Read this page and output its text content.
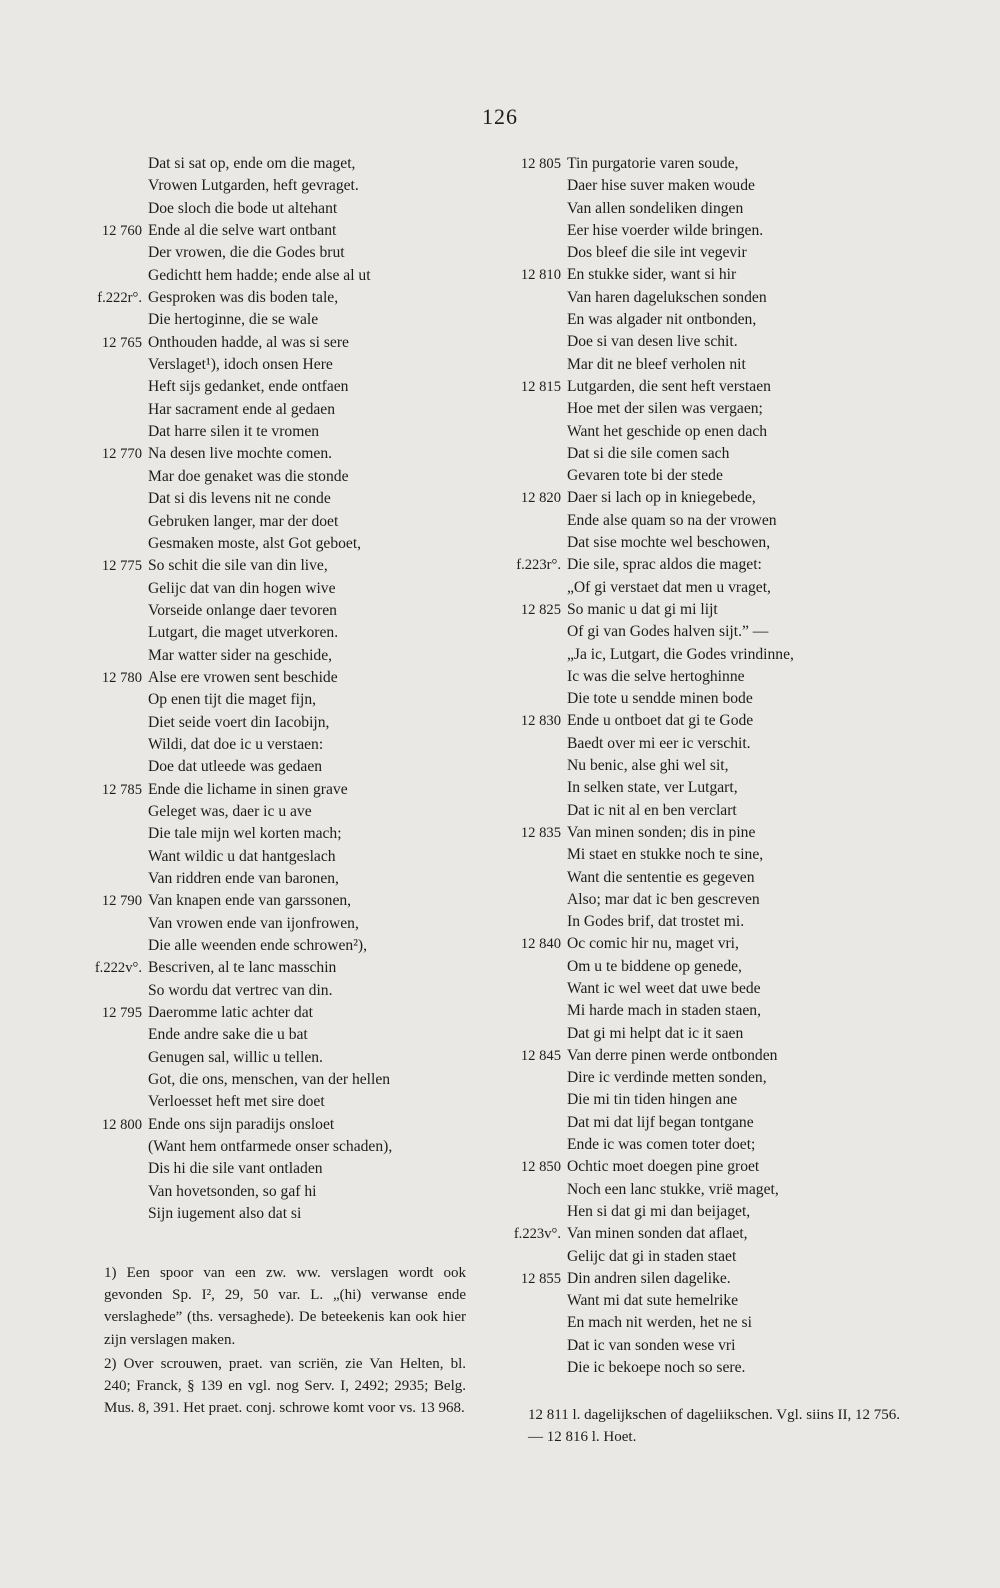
126
Dat si sat op, ende om die maget,
Vrowen Lutgarden, heft gevraget.
Doe sloch die bode ut altehant
12 760 Ende al die selve wart ontbant
Der vrowen, die die Godes brut
Gedichtt hem hadde; ende alse al ut
f.222r°. Gesproken was dis boden tale,
Die hertoginne, die se wale
12 765 Onthouden hadde, al was si sere
Verslaget¹), idoch onsen Here
Heft sijs gedanket, ende ontfaen
Har sacrament ende al gedaen
Dat harre silen it te vromen
12 770 Na desen live mochte comen.
Mar doe genaket was die stonde
Dat si dis levens nit ne conde
Gebruken langer, mar der doet
Gesmaken moste, alst Got geboet,
12 775 So schit die sile van din live,
Gelijc dat van din hogen wive
Vorseide onlange daer tevoren
Lutgart, die maget utverkoren.
Mar watter sider na geschide,
12 780 Alse ere vrowen sent beschide
Op enen tijt die maget fijn,
Diet seide voert din Iacobijn,
Wildi, dat doe ic u verstaen:
Doe dat utleede was gedaen
12 785 Ende die lichame in sinen grave
Geleget was, daer ic u ave
Die tale mijn wel korten mach;
Want wildic u dat hantgeslach
Van riddren ende van baronen,
12 790 Van knapen ende van garssonen,
Van vrowen ende van ijonfrowen,
Die alle weenden ende schrowen²),
f.222v°. Bescriven, al te lanc masschin
So wordu dat vertrec van din.
12 795 Daeromme latic achter dat
Ende andre sake die u bat
Genugen sal, willic u tellen.
Got, die ons, menschen, van der hellen
Verloesset heft met sire doet
12 800 Ende ons sijn paradijs onsloet
(Want hem ontfarmede onser schaden),
Dis hi die sile vant ontladen
Van hovetsonden, so gaf hi
Sijn iugement also dat si
12 805 Tin purgatorie varen soude,
Daer hise suver maken woude
Van allen sondeliken dingen
Eer hise voerder wilde bringen.
Dos bleef die sile int vegevir
12 810 En stukke sider, want si hir
Van haren dagelukschen sonden
En was algader nit ontbonden,
Doe si van desen live schit.
Mar dit ne bleef verholen nit
12 815 Lutgarden, die sent heft verstaen
Hoe met der silen was vergaen;
Want het geschide op enen dach
Dat si die sile comen sach
Gevaren tote bi der stede
12 820 Daer si lach op in kniegebede,
Ende alse quam so na der vrowen
Dat sise mochte wel beschowen,
f.223r°. Die sile, sprac aldos die maget:
„Of gi verstaet dat men u vraget,
12 825 So manic u dat gi mi lijt
Of gi van Godes halven sijt.” —
„Ja ic, Lutgart, die Godes vrindinne,
Ic was die selve hertoghinne
Die tote u sendde minen bode
12 830 Ende u ontboet dat gi te Gode
Baedt over mi eer ic verschit.
Nu benic, alse ghi wel sit,
In selken state, ver Lutgart,
Dat ic nit al en ben verclart
12 835 Van minen sonden; dis in pine
Mi staet en stukke noch te sine,
Want die sententie es gegeven
Also; mar dat ic ben gescreven
In Godes brif, dat trostet mi.
12 840 Oc comic hir nu, maget vri,
Om u te biddene op genede,
Want ic wel weet dat uwe bede
Mi harde mach in staden staen,
Dat gi mi helpt dat ic it saen
12 845 Van derre pinen werde ontbonden
Dire ic verdinde metten sonden,
Die mi tin tiden hingen ane
Dat mi dat lijf began tontgane
Ende ic was comen toter doet;
12 850 Ochtic moet doegen pine groet
Noch een lanc stukke, vrië maget,
Hen si dat gi mi dan beijaget,
f.223v°. Van minen sonden dat aflaet,
Gelijc dat gi in staden staet
12 855 Din andren silen dagelike.
Want mi dat sute hemelrike
En mach nit werden, het ne si
Dat ic van sonden wese vri
Die ic bekoepe noch so sere.

1) Een spoor van een zw. ww. verslagen wordt ook gevonden Sp. I², 29, 50 var. L. „(hi) verwanse ende verslaghede” (ths. versaghede). De beteekenis kan ook hier zijn verslagen maken.

2) Over scrouwen, praet. van scriën, zie Van Helten, bl. 240; Franck, § 139 en vgl. nog Serv. I, 2492; 2935; Belg. Mus. 8, 391. Het praet. conj. schrowe komt voor vs. 13 968.	12 811 l. dagelijkschen of dageliikschen. Vgl. siins II, 12 756. — 12 816 l. Hoet.
